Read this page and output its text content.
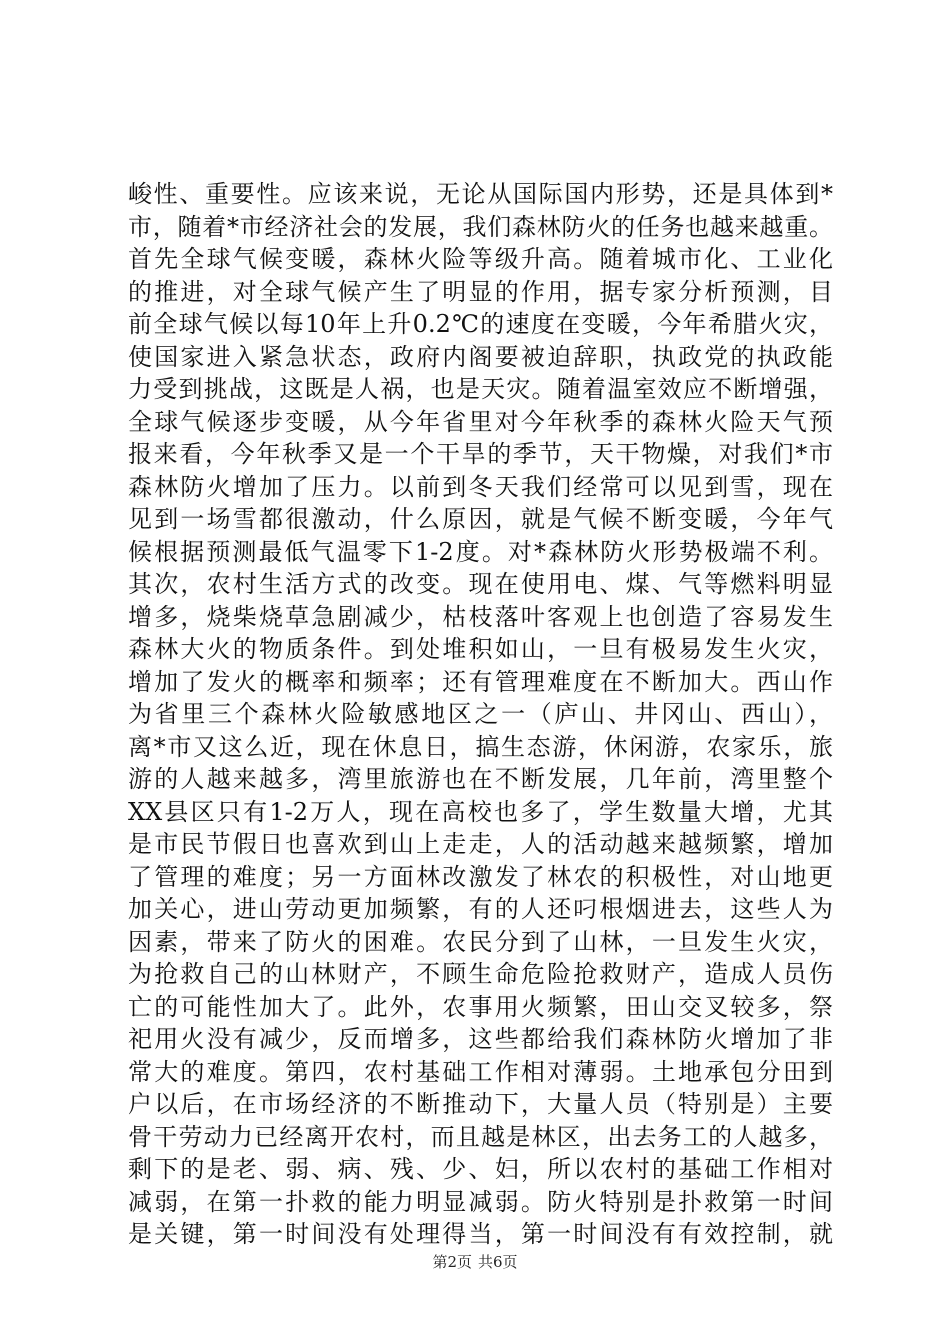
峻性、重要性。应该来说，无论从国际国内形势，还是具体到*
市，随着*市经济社会的发展，我们森林防火的任务也越来越重。
首先全球气候变暖，森林火险等级升高。随着城市化、工业化
的推进，对全球气候产生了明显的作用，据专家分析预测，目
前全球气候以每10年上升0.2℃的速度在变暖，今年希腊火灾，
使国家进入紧急状态，政府内阁要被迫辞职，执政党的执政能
力受到挑战，这既是人祸，也是天灾。随着温室效应不断增强，
全球气候逐步变暖，从今年省里对今年秋季的森林火险天气预
报来看，今年秋季又是一个干旱的季节，天干物燥，对我们*市
森林防火增加了压力。以前到冬天我们经常可以见到雪，现在
见到一场雪都很激动，什么原因，就是气候不断变暖，今年气
候根据预测最低气温零下1-2度。对*森林防火形势极端不利。
其次，农村生活方式的改变。现在使用电、煤、气等燃料明显
增多，烧柴烧草急剧减少，枯枝落叶客观上也创造了容易发生
森林大火的物质条件。到处堆积如山，一旦有极易发生火灾，
增加了发火的概率和频率；还有管理难度在不断加大。西山作
为省里三个森林火险敏感地区之一（庐山、井冈山、西山），
离*市又这么近，现在休息日，搞生态游，休闲游，农家乐，旅
游的人越来越多，湾里旅游也在不断发展，几年前，湾里整个
XX县区只有1-2万人，现在高校也多了，学生数量大增，尤其
是市民节假日也喜欢到山上走走，人的活动越来越频繁，增加
了管理的难度；另一方面林改激发了林农的积极性，对山地更
加关心，进山劳动更加频繁，有的人还叼根烟进去，这些人为
因素，带来了防火的困难。农民分到了山林，一旦发生火灾，
为抢救自己的山林财产，不顾生命危险抢救财产，造成人员伤
亡的可能性加大了。此外，农事用火频繁，田山交叉较多，祭
祀用火没有减少，反而增多，这些都给我们森林防火增加了非
常大的难度。第四，农村基础工作相对薄弱。土地承包分田到
户以后，在市场经济的不断推动下，大量人员（特别是）主要
骨干劳动力已经离开农村，而且越是林区，出去务工的人越多，
剩下的是老、弱、病、残、少、妇，所以农村的基础工作相对
减弱，在第一扑救的能力明显减弱。防火特别是扑救第一时间
是关键，第一时间没有处理得当，第一时间没有有效控制，就
第2页 共6页
